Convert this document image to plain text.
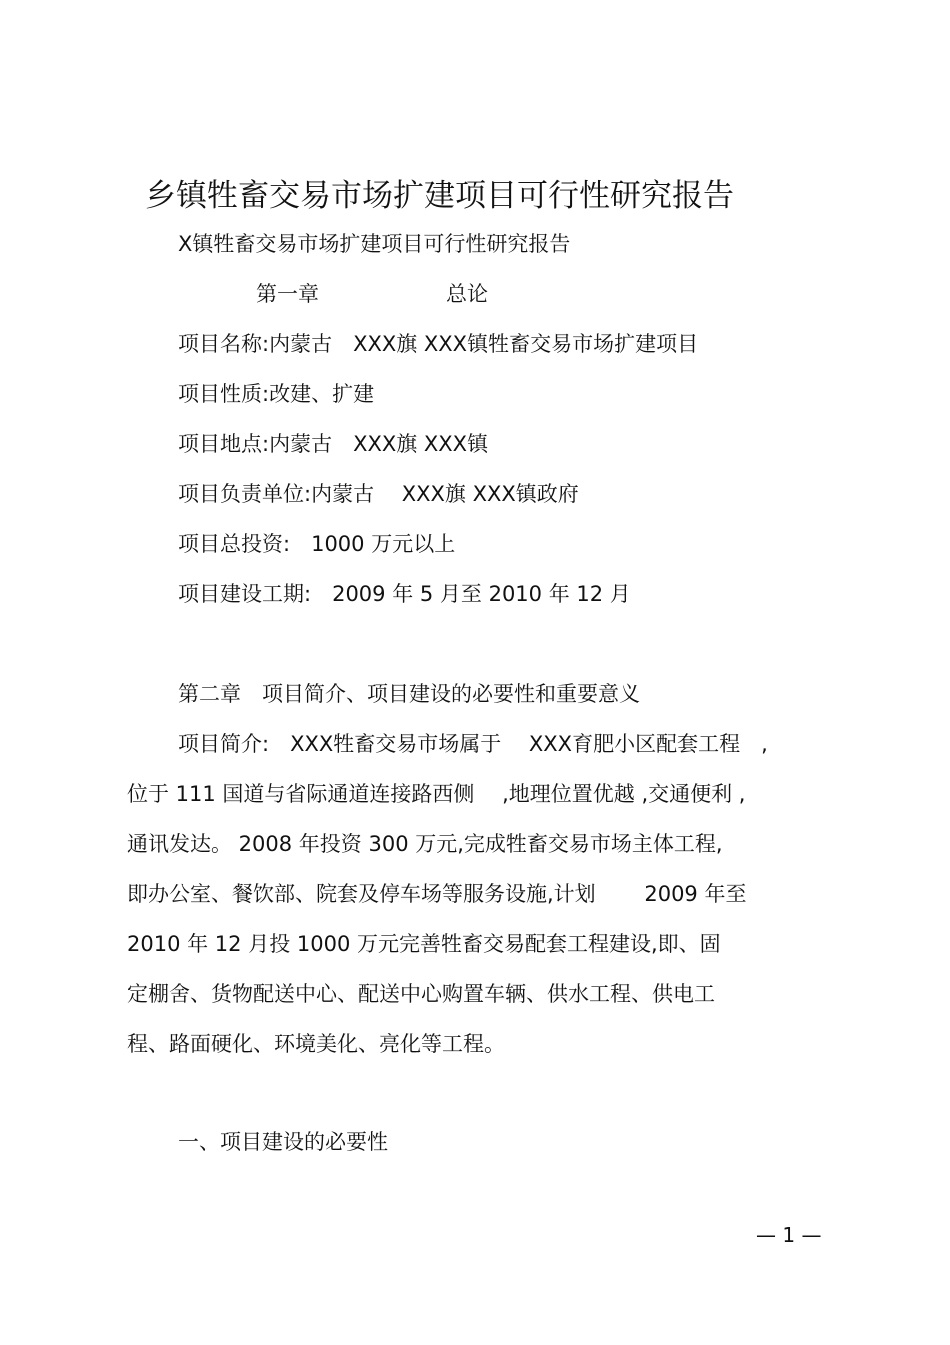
乡镇牲畜交易市场扩建项目可行性研究报告
X镇牲畜交易市场扩建项目可行性研究报告
第一章	总论
项目名称:内蒙古　XXX旗 XXX镇牲畜交易市场扩建项目
项目性质:改建、扩建
项目地点:内蒙古　XXX旗 XXX镇
项目负责单位:内蒙古　 XXX旗 XXX镇政府
项目总投资:　1000 万元以上
项目建设工期:　2009 年 5 月至 2010 年 12 月
第二章　项目简介、项目建设的必要性和重要意义
项目简介:　XXX牲畜交易市场属于　 XXX育肥小区配套工程　,
位于 111 国道与省际通道连接路西侧　 ,地理位置优越 ,交通便利 ,
通讯发达。 2008 年投资 300 万元,完成牲畜交易市场主体工程,
即办公室、餐饮部、院套及停车场等服务设施,计划　　 2009 年至
2010 年 12 月投 1000 万元完善牲畜交易配套工程建设,即、固
定棚舍、货物配送中心、配送中心购置车辆、供水工程、供电工
程、路面硬化、环境美化、亮化等工程。
一、项目建设的必要性
— 1 —
